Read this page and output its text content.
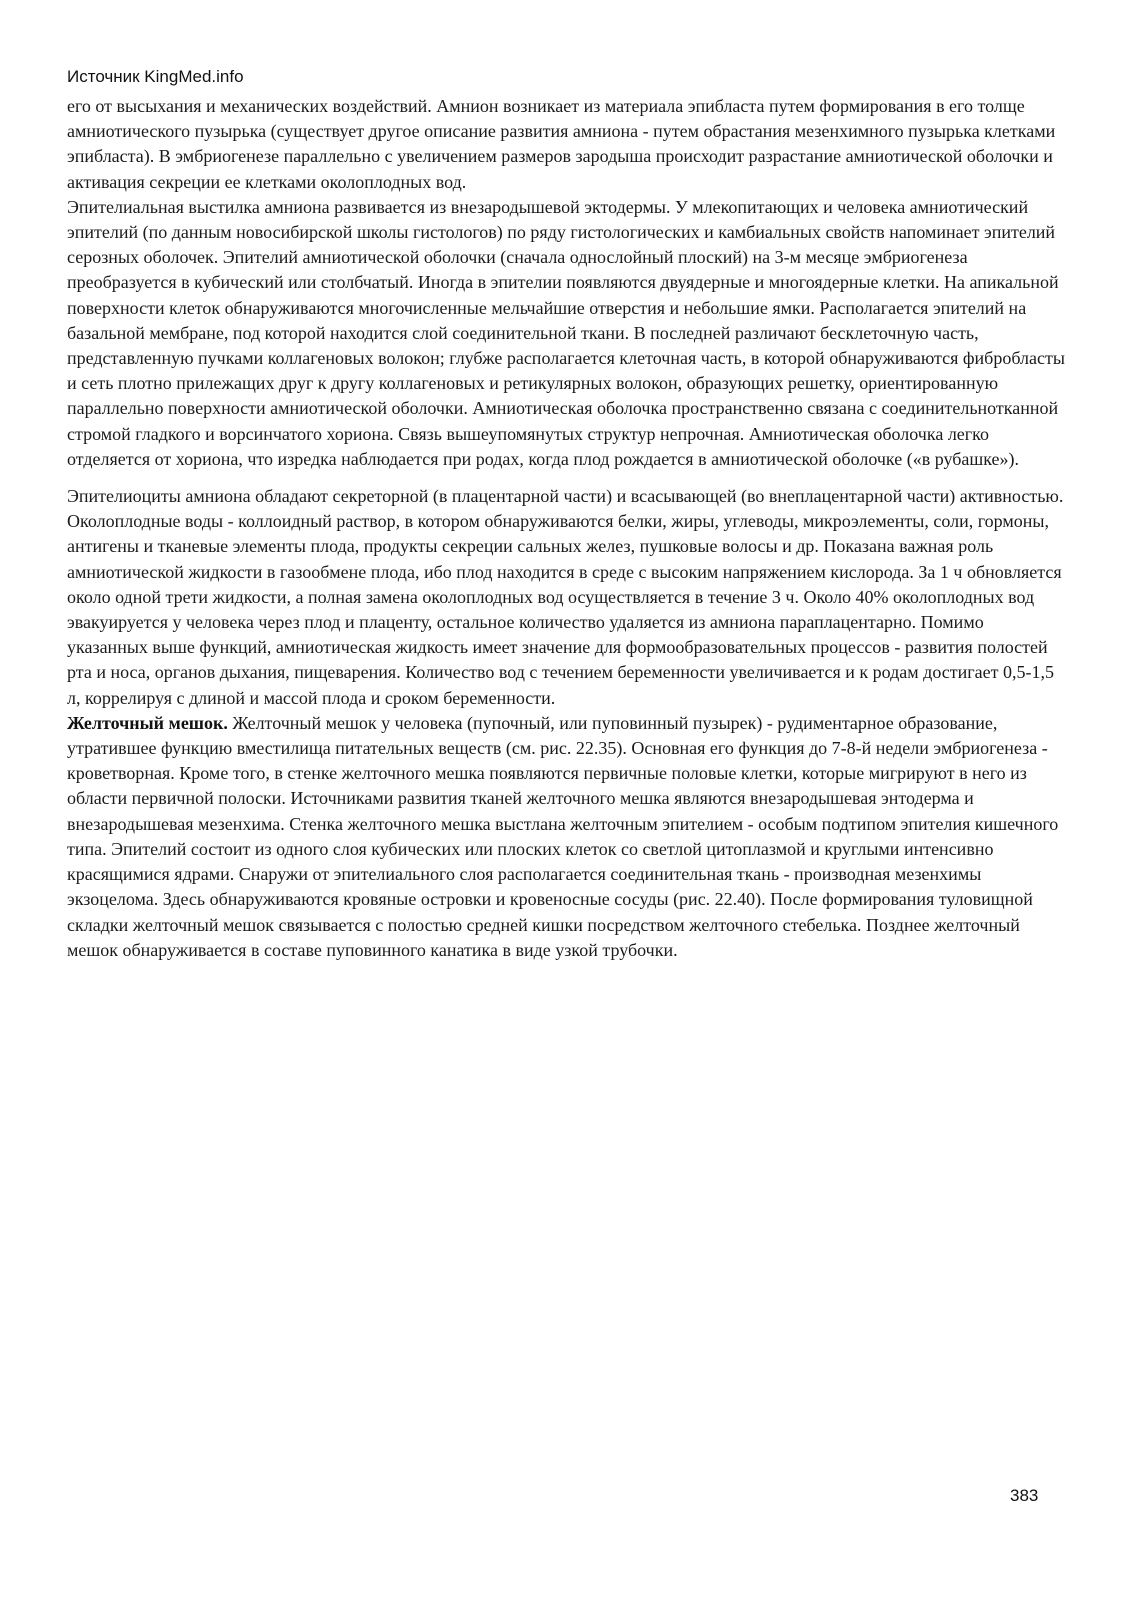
Источник KingMed.info

его от высыхания и механических воздействий. Амнион возникает из материала эпибласта путем формирования в его толще амниотического пузырька (существует другое описание развития амниона - путем обрастания мезенхимного пузырька клетками эпибласта). В эмбриогенезе параллельно с увеличением размеров зародыша происходит разрастание амниотической оболочки и активация секреции ее клетками околоплодных вод.

Эпителиальная выстилка амниона развивается из внезародышевой эктодермы. У млекопитающих и человека амниотический эпителий (по данным новосибирской школы гистологов) по ряду гистологических и камбиальных свойств напоминает эпителий серозных оболочек. Эпителий амниотической оболочки (сначала однослойный плоский) на 3-м месяце эмбриогенеза преобразуется в кубический или столбчатый. Иногда в эпителии появляются двуядерные и многоядерные клетки. На апикальной поверхности клеток обнаруживаются многочисленные мельчайшие отверстия и небольшие ямки. Располагается эпителий на базальной мембране, под которой находится слой соединительной ткани. В последней различают бесклеточную часть, представленную пучками коллагеновых волокон; глубже располагается клеточная часть, в которой обнаруживаются фибробласты и сеть плотно прилежащих друг к другу коллагеновых и ретикулярных волокон, образующих решетку, ориентированную параллельно поверхности амниотической оболочки. Амниотическая оболочка пространственно связана с соединительнотканной стромой гладкого и ворсинчатого хориона. Связь вышеупомянутых структур непрочная. Амниотическая оболочка легко отделяется от хориона, что изредка наблюдается при родах, когда плод рождается в амниотической оболочке («в рубашке»).

Эпителиоциты амниона обладают секреторной (в плацентарной части) и всасывающей (во внеплацентарной части) активностью. Околоплодные воды - коллоидный раствор, в котором обнаруживаются белки, жиры, углеводы, микроэлементы, соли, гормоны, антигены и тканевые элементы плода, продукты секреции сальных желез, пушковые волосы и др. Показана важная роль амниотической жидкости в газообмене плода, ибо плод находится в среде с высоким напряжением кислорода. За 1 ч обновляется около одной трети жидкости, а полная замена околоплодных вод осуществляется в течение 3 ч. Около 40% околоплодных вод эвакуируется у человека через плод и плаценту, остальное количество удаляется из амниона параплацентарно. Помимо указанных выше функций, амниотическая жидкость имеет значение для формообразовательных процессов - развития полостей рта и носа, органов дыхания, пищеварения. Количество вод с течением беременности увеличивается и к родам достигает 0,5-1,5 л, коррелируя с длиной и массой плода и сроком беременности.

Желточный мешок. Желточный мешок у человека (пупочный, или пуповинный пузырек) - рудиментарное образование, утратившее функцию вместилища питательных веществ (см. рис. 22.35). Основная его функция до 7-8-й недели эмбриогенеза - кроветворная. Кроме того, в стенке желточного мешка появляются первичные половые клетки, которые мигрируют в него из области первичной полоски. Источниками развития тканей желточного мешка являются внезародышевая энтодерма и внезародышевая мезенхима. Стенка желточного мешка выстлана желточным эпителием - особым подтипом эпителия кишечного типа. Эпителий состоит из одного слоя кубических или плоских клеток со светлой цитоплазмой и круглыми интенсивно красящимися ядрами. Снаружи от эпителиального слоя располагается соединительная ткань - производная мезенхимы экзоцелома. Здесь обнаруживаются кровяные островки и кровеносные сосуды (рис. 22.40). После формирования туловищной складки желточный мешок связывается с полостью средней кишки посредством желточного стебелька. Позднее желточный мешок обнаруживается в составе пуповинного канатика в виде узкой трубочки.

383
